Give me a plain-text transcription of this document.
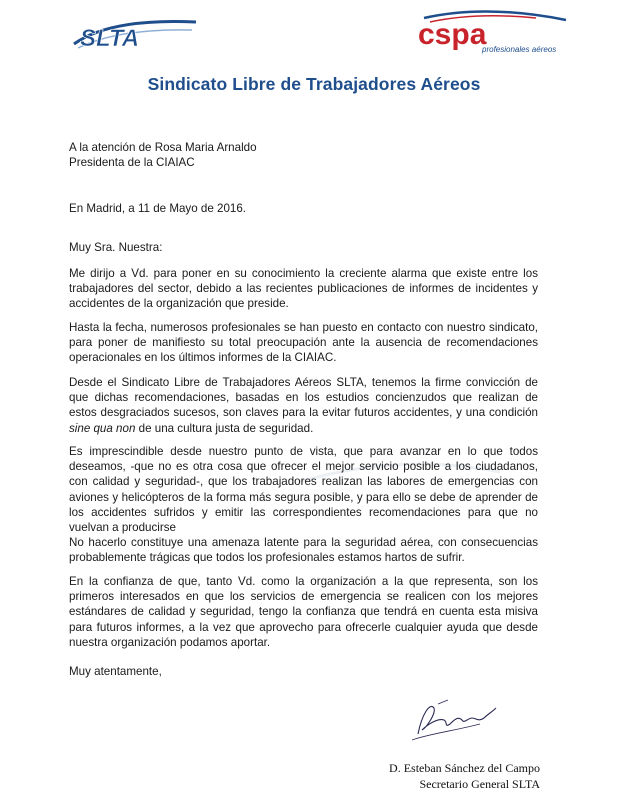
SLTA	cspa
profesionales aéreos
Sindicato Libre de Trabajadores Aéreos

A la atención de Rosa Maria Arnaldo

Presidenta de la CIAIAC

En Madrid, a 11 de Mayo de 2016.
Muy Sra. Nuestra:
Me dirijo a Vd. para poner en su conocimiento la creciente alarma que existe entre los trabajadores del sector, debido a las recientes publicaciones de informes de incidentes y accidentes de la organización que preside.
Hasta la fecha, numerosos profesionales se han puesto en contacto con nuestro sindicato, para poner de manifiesto su total preocupación ante la ausencia de recomendaciones operacionales en los últimos informes de la CIAIAC.
Desde el Sindicato Libre de Trabajadores Aéreos SLTA, tenemos la firme convicción de que dichas recomendaciones, basadas en los estudios concienzudos que realizan de estos desgraciados sucesos, son claves para la evitar futuros accidentes, y una condición sine qua non de una cultura justa de seguridad.
Es imprescindible desde nuestro punto de vista, que para avanzar en lo que todos deseamos, -que no es otra cosa que ofrecer el mejor servicio posible a los ciudadanos, con calidad y seguridad-, que los trabajadores realizan las labores de emergencias con aviones y helicópteros de la forma más segura posible, y para ello se debe de aprender de los accidentes sufridos y emitir las correspondientes recomendaciones para que no vuelvan a producirse
No hacerlo constituye una amenaza latente para la seguridad aérea, con consecuencias probablemente trágicas que todos los profesionales estamos hartos de sufrir.
En la confianza de que, tanto Vd. como la organización a la que representa, son los primeros interesados en que los servicios de emergencia se realicen con los mejores estándares de calidad y seguridad, tengo la confianza que tendrá en cuenta esta misiva para futuros informes, a la vez que aprovecho para ofrecerle cualquier ayuda que desde nuestra organización podamos aportar.
Muy atentamente,
D. Esteban Sánchez del Campo
Secretario General SLTA
